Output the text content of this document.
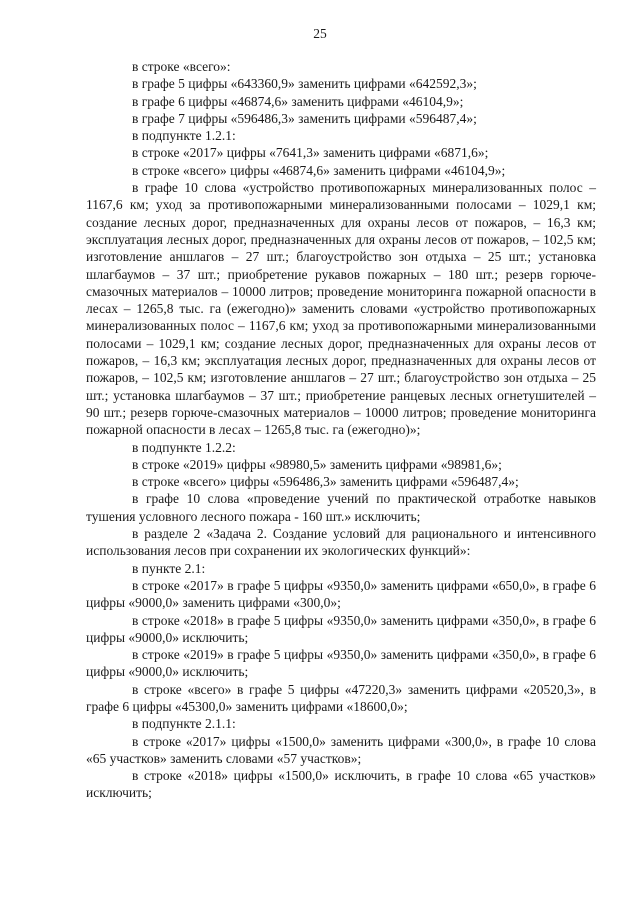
25

в строке «всего»:

в графе 5 цифры «643360,9» заменить цифрами «642592,3»;

в графе 6 цифры «46874,6» заменить цифрами «46104,9»;

в графе 7 цифры «596486,3» заменить цифрами «596487,4»;

в подпункте 1.2.1:

в строке «2017» цифры «7641,3» заменить цифрами «6871,6»;

в строке «всего» цифры «46874,6» заменить цифрами «46104,9»;

в графе 10 слова «устройство противопожарных минерализованных полос – 1167,6 км; уход за противопожарными минерализованными полосами – 1029,1 км; создание лесных дорог, предназначенных для охраны лесов от пожаров, – 16,3 км; эксплуатация лесных дорог, предназначенных для охраны лесов от пожаров, – 102,5 км; изготовление аншлагов – 27 шт.; благоустройство зон отдыха – 25 шт.; установка шлагбаумов – 37 шт.; приобретение рукавов пожарных – 180 шт.; резерв горюче-смазочных материалов – 10000 литров; проведение мониторинга пожарной опасности в лесах – 1265,8 тыс. га (ежегодно)» заменить словами «устройство противопожарных минерализованных полос – 1167,6 км; уход за противопожарными минерализованными полосами – 1029,1 км; создание лесных дорог, предназначенных для охраны лесов от пожаров, – 16,3 км; эксплуатация лесных дорог, предназначенных для охраны лесов от пожаров, – 102,5 км; изготовление аншлагов – 27 шт.; благоустройство зон отдыха – 25 шт.; установка шлагбаумов – 37 шт.; приобретение ранцевых лесных огнетушителей – 90 шт.; резерв горюче-смазочных материалов – 10000 литров; проведение мониторинга пожарной опасности в лесах – 1265,8 тыс. га (ежегодно)»;

в подпункте 1.2.2:

в строке «2019» цифры «98980,5» заменить цифрами «98981,6»;

в строке «всего» цифры «596486,3» заменить цифрами «596487,4»;

в графе 10 слова «проведение учений по практической отработке навыков тушения условного лесного пожара - 160 шт.» исключить;

в разделе 2 «Задача 2. Создание условий для рационального и интенсивного использования лесов при сохранении их экологических функций»:

в пункте 2.1:

в строке «2017» в графе 5 цифры «9350,0» заменить цифрами «650,0», в графе 6 цифры «9000,0» заменить цифрами «300,0»;

в строке «2018» в графе 5 цифры «9350,0» заменить цифрами «350,0», в графе 6 цифры «9000,0» исключить;

в строке «2019» в графе 5 цифры «9350,0» заменить цифрами «350,0», в графе 6 цифры «9000,0» исключить;

в строке «всего» в графе 5 цифры «47220,3» заменить цифрами «20520,3», в графе 6 цифры «45300,0» заменить цифрами «18600,0»;

в подпункте 2.1.1:

в строке «2017» цифры «1500,0» заменить цифрами «300,0», в графе 10 слова «65 участков» заменить словами «57 участков»;

в строке «2018» цифры «1500,0» исключить, в графе 10 слова «65 участков» исключить;
